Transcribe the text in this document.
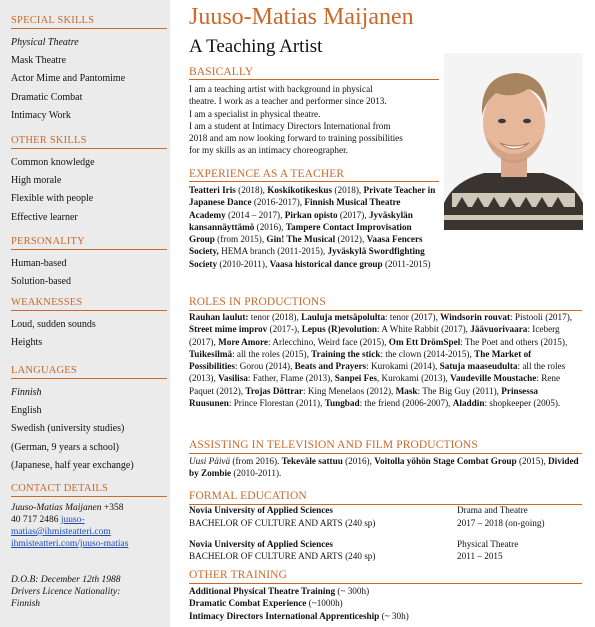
SPECIAL SKILLS
Physical Theatre
Mask Theatre
Actor Mime and Pantomime
Dramatic Combat
Intimacy Work
OTHER SKILLS
Common knowledge
High morale
Flexible with people
Effective learner
PERSONALITY
Human-based
Solution-based
WEAKNESSES
Loud, sudden sounds
Heights
LANGUAGES
Finnish
English
Swedish (university studies)
(German, 9 years a school)
(Japanese, half year exchange)
CONTACT DETAILS
Juuso-Matias Maijanen +358
40 717 2486 juuso-
matias@ihmisteatteri.com
ihmisteatteri.com/juuso-matias
D.O.B: December 12th 1988
Drivers Licence Nationality:
Finnish
Juuso-Matias Maijanen
A Teaching Artist
BASICALLY
I am a teaching artist with background in physical
theatre. I work as a teacher and performer since 2013.
I am a specialist in physical theatre.
I am a student at Intimacy Directors International from
2018 and am now looking forward to training possibilities
for my skills as an intimacy choreographer.
EXPERIENCE AS A TEACHER
Teatteri Iris (2018), Koskikotikeskus (2018), Private Teacher in Japanese Dance (2016-2017), Finnish Musical Theatre Academy (2014 – 2017), Pirkan opisto (2017), Jyväskylän kansannäyttämö (2016), Tampere Contact Improvisation Group (from 2015), Gin! The Musical (2012), Vaasa Fencers Society, HEMA branch (2011-2015), Jyväskylä Swordfighting Society (2010-2011), Vaasa historical dance group (2011-2015)
ROLES IN PRODUCTIONS
Rauhan laulut: tenor (2018), Lauluja metsäpolulta: tenor (2017), Windsorin rouvat: Pistooli (2017), Street mime improv (2017-), Lepus (R)evolution: A White Rabbit (2017), Jäävuorivaara: Iceberg (2017), More Amore: Arlecchino, Weird face (2015), Om Ett DrömSpel: The Poet and others (2015), Tuikesilmä: all the roles (2015), Training the stick: the clown (2014-2015), The Market of Possibilities: Gorou (2014), Beats and Prayers: Kurokami (2014), Satuja maaseudulta: all the roles (2013), Vasilisa: Father, Flame (2013), Sanpei Fes, Kurokami (2013), Vaudeville Moustache: Rene Paquet (2012), Trojas Döttrar: King Menelaos (2012), Mask: The Big Guy (2011), Prinsessa Ruusunen: Prince Florestan (2011), Tungbad: the friend (2006-2007), Aladdin: shopkeeper (2005).
ASSISTING IN TELEVISION AND FILM PRODUCTIONS
Uusi Päivä (from 2016). Tekeväle sattuu (2016), Voitolla yöhön Stage Combat Group (2015), Divided by Zombie (2010-2011).
FORMAL EDUCATION
Novia University of Applied Sciences
BACHELOR OF CULTURE AND ARTS (240 sp)
Drama and Theatre
2017 – 2018 (on-going)
Novia University of Applied Sciences
BACHELOR OF CULTURE AND ARTS (240 sp)
Physical Theatre
2011 – 2015
OTHER TRAINING
Additional Physical Theatre Training (~ 300h)
Dramatic Combat Experience (~1000h)
Intimacy Directors International Apprenticeship (~ 30h)
